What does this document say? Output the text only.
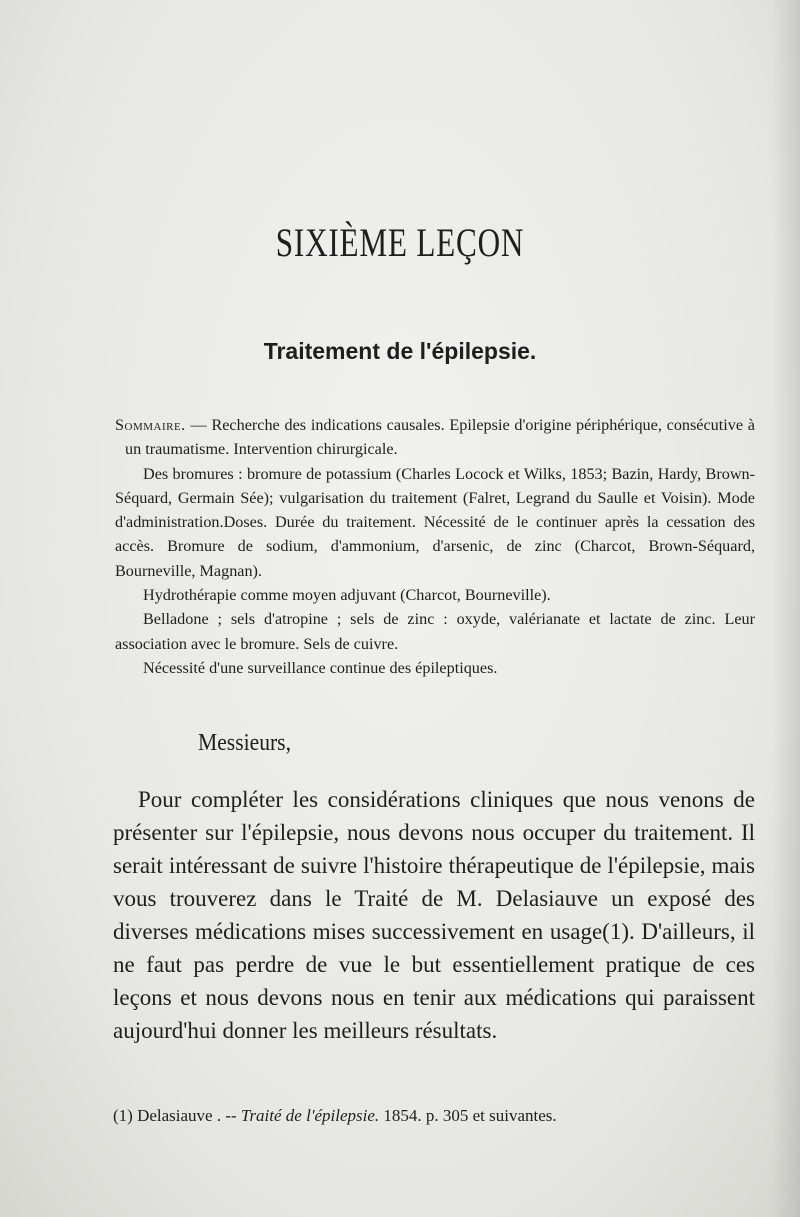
SIXIÈME LEÇON
Traitement de l'épilepsie.

Sommaire. — Recherche des indications causales. Epilepsie d'origine périphérique, consécutive à un traumatisme. Intervention chirurgicale.

Des bromures : bromure de potassium (Charles Locock et Wilks, 1853; Bazin, Hardy, Brown-Séquard, Germain Sée); vulgarisation du traitement (Falret, Legrand du Saulle et Voisin). Mode d'administration.Doses. Durée du traitement. Nécessité de le continuer après la cessation des accès. Bromure de sodium, d'ammonium, d'arsenic, de zinc (Charcot, Brown-Séquard, Bourneville, Magnan).

Hydrothérapie comme moyen adjuvant (Charcot, Bourneville).

Belladone ; sels d'atropine ; sels de zinc : oxyde, valérianate et lactate de zinc. Leur association avec le bromure. Sels de cuivre.

Nécessité d'une surveillance continue des épileptiques.

Messieurs,

Pour compléter les considérations cliniques que nous venons de présenter sur l'épilepsie, nous devons nous occuper du traitement. Il serait intéressant de suivre l'histoire thérapeutique de l'épilepsie, mais vous trouverez dans le Traité de M. Delasiauve un exposé des diverses médications mises successivement en usage(1). D'ailleurs, il ne faut pas perdre de vue le but essentiellement pratique de ces leçons et nous devons nous en tenir aux médications qui paraissent aujourd'hui donner les meilleurs résultats.

(1) Delasiauve . -- Traité de l'épilepsie. 1854. p. 305 et suivantes.
